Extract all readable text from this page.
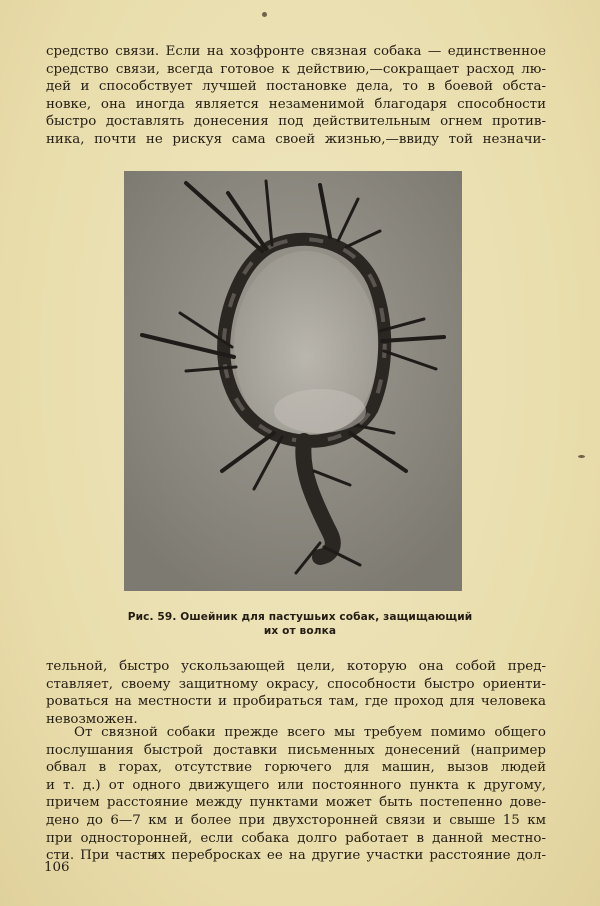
средство связи. Если на хозфронте связная собака — единственное
средство связи, всегда готовое к действию,—сокращает расход лю-
дей и способствует лучшей постановке дела, то в боевой обста-
новке, она иногда является незаменимой благодаря способности
быстро доставлять донесения под действительным огнем против-
ника, почти не рискуя сама своей жизнью,—ввиду той незначи-

Рис. 59. Ошейник для пастушьих собак, защищающий
их от волка

тельной, быстро ускользающей цели, которую она собой пред-
ставляет, своему защитному окрасу, способности быстро ориенти-
роваться на местности и пробираться там, где проход для человека
невозможен.

От связной собаки прежде всего мы требуем помимо общего
послушания быстрой доставки письменных донесений (например
обвал в горах, отсутствие горючего для машин, вызов людей
и т. д.) от одного движущего или постоянного пункта к другому,
причем расстояние между пунктами может быть постепенно дове-
дено до 6—7 км и более при двухсторонней связи и свыше 15 км
при односторонней, если собака долго работает в данной местно-
сти. При частых перебросках ее на другие участки расстояние дол-

106
